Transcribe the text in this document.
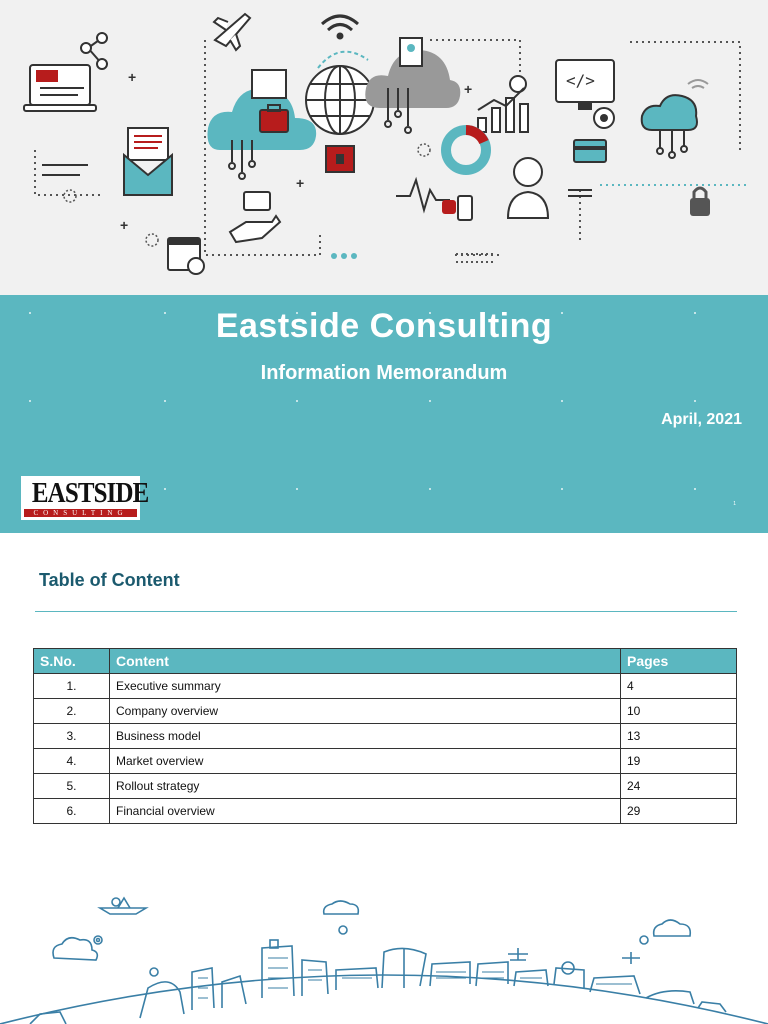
+
+
+
+	</>
Eastside Consulting
Information Memorandum
April, 2021
1
EASTSIDE
CONSULTING
Table of Content
S.No.	Content	Pages
1.	Executive summary	4
2.	Company overview	10
3.	Business model	13
4.	Market overview	19
5.	Rollout strategy	24
6.	Financial overview	29
